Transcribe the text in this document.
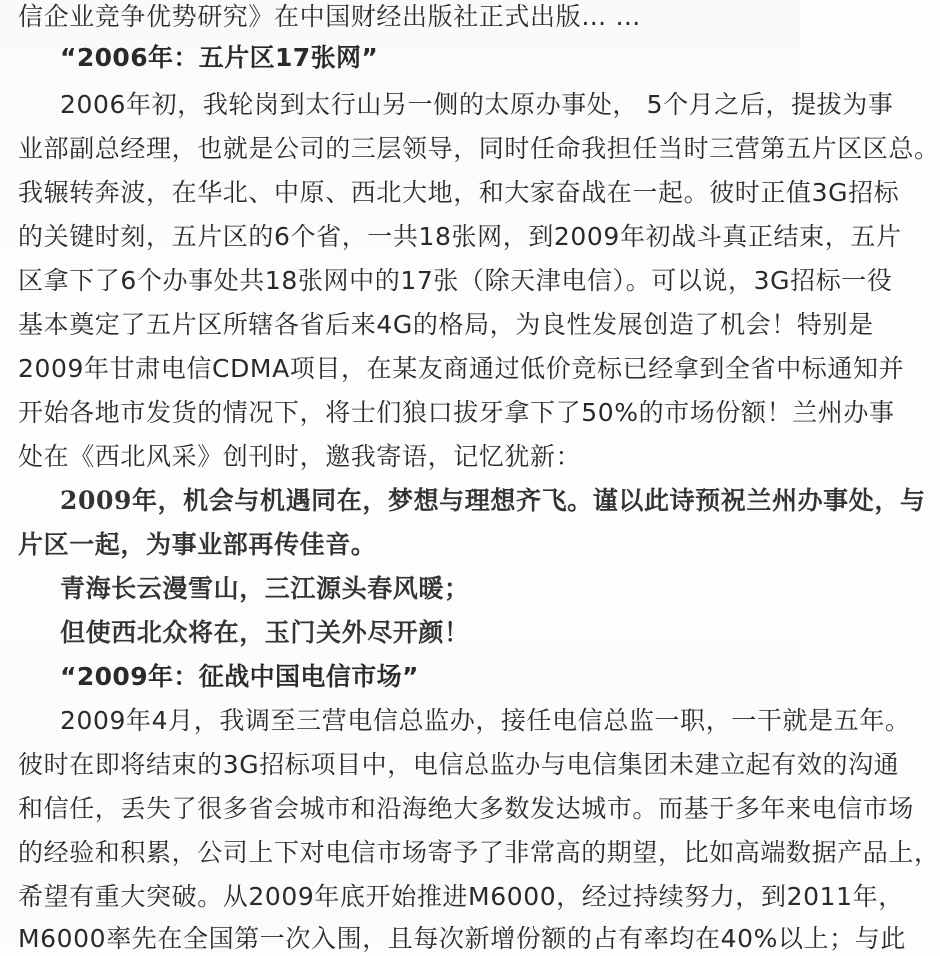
信企业竞争优势研究》在中国财经出版社正式出版… …
“2006年：五片区17张网”
2006年初，我轮岗到太行山另一侧的太原办事处， 5个月之后，提拔为事
业部副总经理，也就是公司的三层领导，同时任命我担任当时三营第五片区区总。
我辗转奔波，在华北、中原、西北大地，和大家奋战在一起。彼时正值3G招标
的关键时刻，五片区的6个省，一共18张网，到2009年初战斗真正结束，五片
区拿下了6个办事处共18张网中的17张（除天津电信）。可以说，3G招标一役
基本奠定了五片区所辖各省后来4G的格局，为良性发展创造了机会！特别是
2009年甘肃电信CDMA项目，在某友商通过低价竞标已经拿到全省中标通知并
开始各地市发货的情况下，将士们狼口拔牙拿下了50%的市场份额！兰州办事
处在《西北风采》创刊时，邀我寄语，记忆犹新：
2009年，机会与机遇同在，梦想与理想齐飞。谨以此诗预祝兰州办事处，与
片区一起，为事业部再传佳音。
青海长云漫雪山，三江源头春风暖；
但使西北众将在，玉门关外尽开颜！
“2009年：征战中国电信市场”
2009年4月，我调至三营电信总监办，接任电信总监一职，一干就是五年。
彼时在即将结束的3G招标项目中，电信总监办与电信集团未建立起有效的沟通
和信任，丢失了很多省会城市和沿海绝大多数发达城市。而基于多年来电信市场
的经验和积累，公司上下对电信市场寄予了非常高的期望，比如高端数据产品上，
希望有重大突破。从2009年底开始推进M6000，经过持续努力，到2011年，
M6000率先在全国第一次入围，且每次新增份额的占有率均在40%以上；与此
